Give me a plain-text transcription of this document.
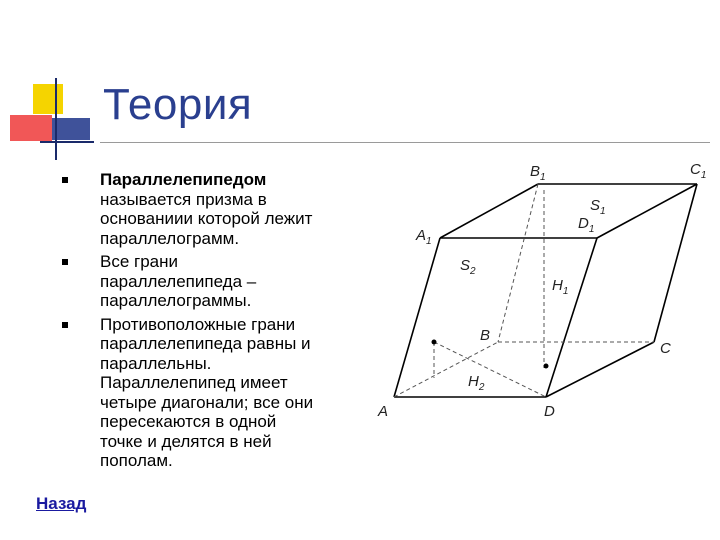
Теория
Параллелепипедом
называется призма в
основаниии которой лежит
параллелограмм.
Все грани
параллелепипеда –
параллелограммы.
Противоположные грани
параллелепипеда равны и
параллельны.
Параллелепипед имеет
четыре диагонали; все они
пересекаются в одной
точке и делятся в ней
пополам.
Назад
$B_1$	$C_1$
$S_1$
$D_1$
$A_1$
$S_2$
$H_1$
B
C
$H_2$
A	D
